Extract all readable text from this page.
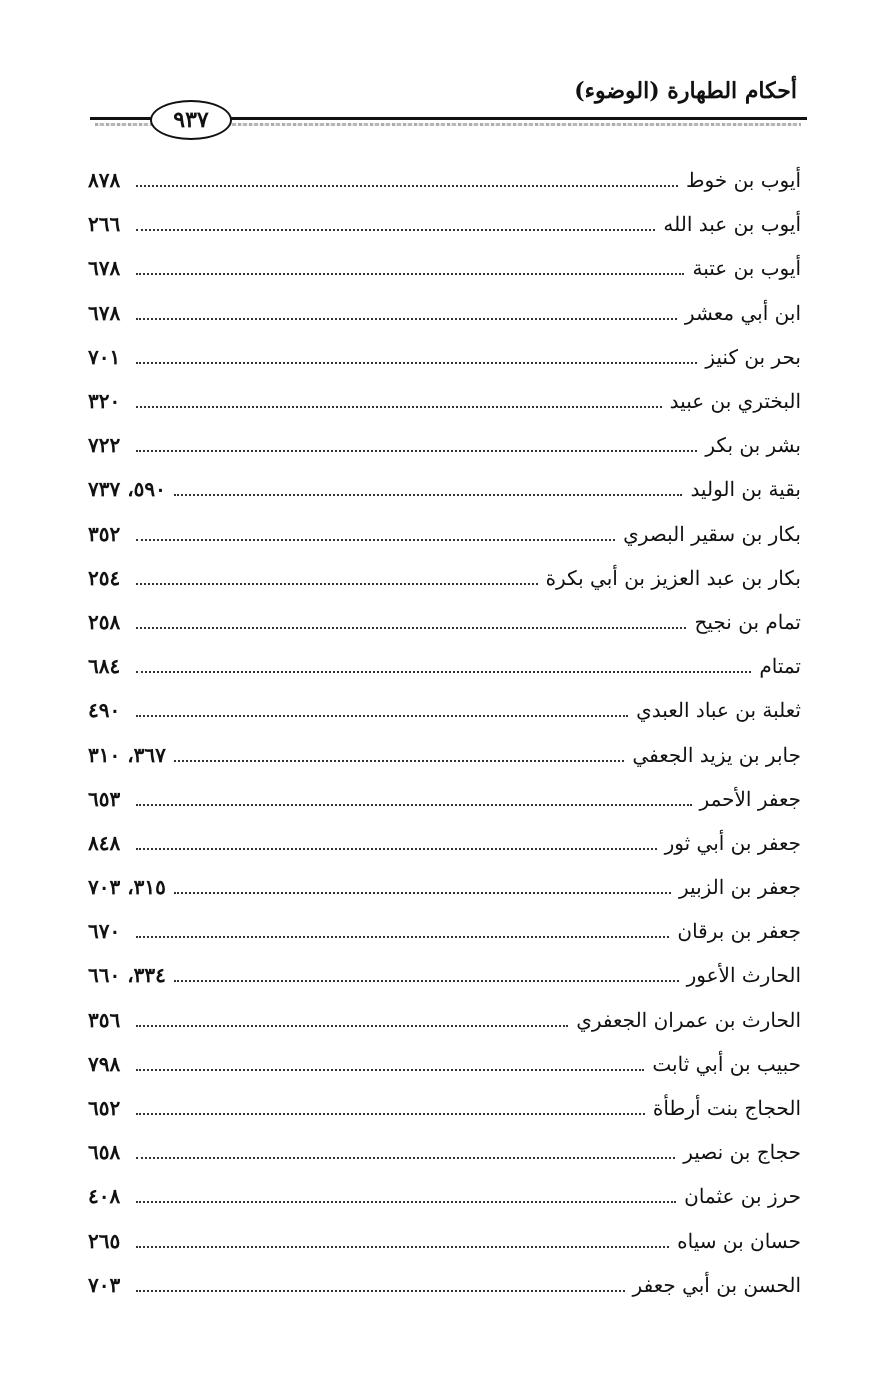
أحكام الطهارة (الوضوء)
٩٣٧
أيوب بن خوط
٨٧٨
أيوب بن عبد الله
٢٦٦
أيوب بن عتبة
٦٧٨
ابن أبي معشر
٦٧٨
بحر بن كنيز
٧٠١
البختري بن عبيد
٣٢٠
بشر بن بكر
٧٢٢
بقية بن الوليد
٥٩٠، ٧٣٧
بكار بن سقير البصري
٣٥٢
بكار بن عبد العزيز بن أبي بكرة
٢٥٤
تمام بن نجيح
٢٥٨
تمتام
٦٨٤
ثعلبة بن عباد العبدي
٤٩٠
جابر بن يزيد الجعفي
٣٦٧، ٣١٠
جعفر الأحمر
٦٥٣
جعفر بن أبي ثور
٨٤٨
جعفر بن الزبير
٣١٥، ٧٠٣
جعفر بن برقان
٦٧٠
الحارث الأعور
٣٣٤، ٦٦٠
الحارث بن عمران الجعفري
٣٥٦
حبيب بن أبي ثابت
٧٩٨
الحجاج بنت أرطأة
٦٥٢
حجاج بن نصير
٦٥٨
حرز بن عثمان
٤٠٨
حسان بن سياه
٢٦٥
الحسن بن أبي جعفر
٧٠٣
